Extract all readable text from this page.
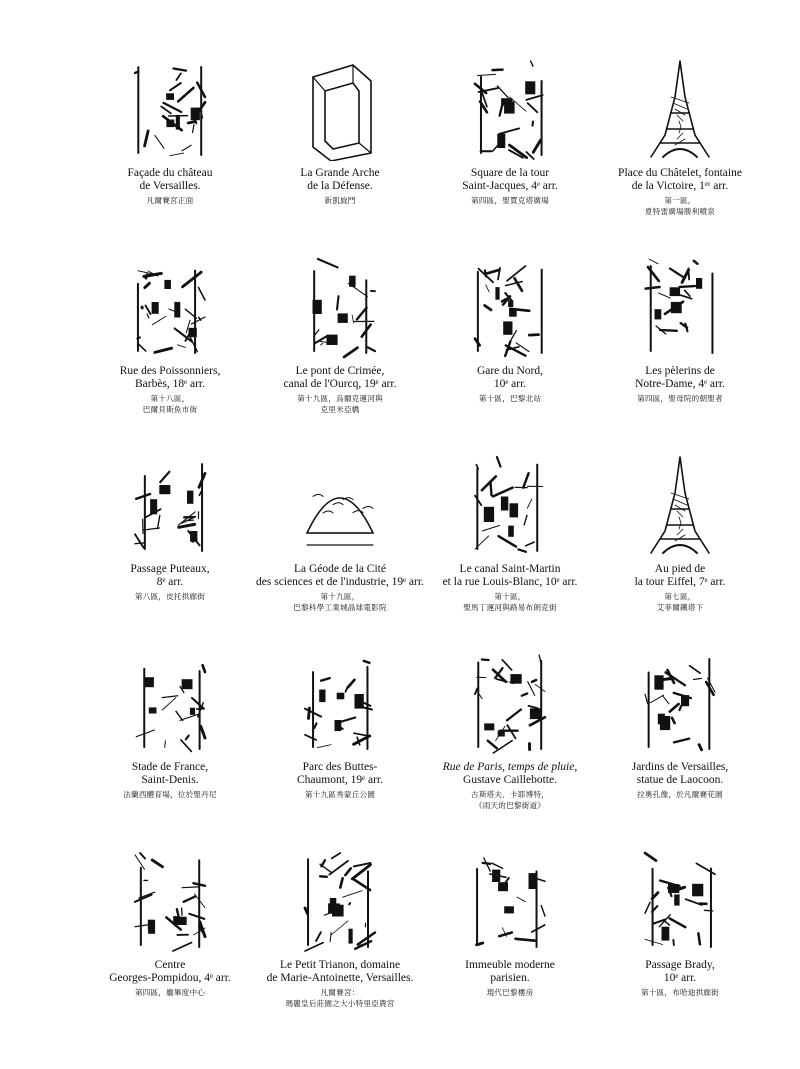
Façade du château
de Versailles.
凡爾賽宮正面
La Grande Arche
de la Défense.
新凱旋門
Square de la tour
Saint-Jacques, 4ᵉ arr.
第四區，聖賈克塔廣場
Place du Châtelet, fontaine
de la Victoire, 1ᵉʳ arr.
第一區，
夏特雷廣場勝利噴泉
Rue des Poissonniers,
Barbès, 18ᵉ arr.
第十八區，
巴爾貝斯魚市街
Le pont de Crimée,
canal de l'Ourcq, 19ᵉ arr.
第十九區，烏爾克運河與
克里米亞橋
Gare du Nord,
10ᵉ arr.
第十區，巴黎北站
Les pèlerins de
Notre-Dame, 4ᵉ arr.
第四區，聖母院的朝聖者
Passage Puteaux,
8ᵉ arr.
第八區，皮托拱廊街
La Géode de la Cité
des sciences et de l'industrie, 19ᵉ arr.
第十九區，
巴黎科學工業城晶球電影院
Le canal Saint-Martin
et la rue Louis-Blanc, 10ᵉ arr.
第十區，
聖馬丁運河與路易布朗克街
Au pied de
la tour Eiffel, 7ᵉ arr.
第七區，
艾菲爾鐵塔下
Stade de France,
Saint-Denis.
法蘭西體育場，位於聖丹尼
Parc des Buttes-
Chaumont, 19ᵉ arr.
第十九區秀蒙丘公園
Rue de Paris, temps de pluie,
Gustave Caillebotte.
古斯塔夫．卡耶博特，
《雨天的巴黎街道》
Jardins de Versailles,
statue de Laocoon.
拉奧孔像，於凡爾賽花園
Centre
Georges-Pompidou, 4ᵉ arr.
第四區，龐畢度中心
Le Petit Trianon, domaine
de Marie-Antoinette, Versailles.
凡爾賽宮：
瑪麗皇后莊園之大小特里亞農宮
Immeuble moderne
parisien.
現代巴黎樓房
Passage Brady,
10ᵉ arr.
第十區，布哈迪拱廊街
